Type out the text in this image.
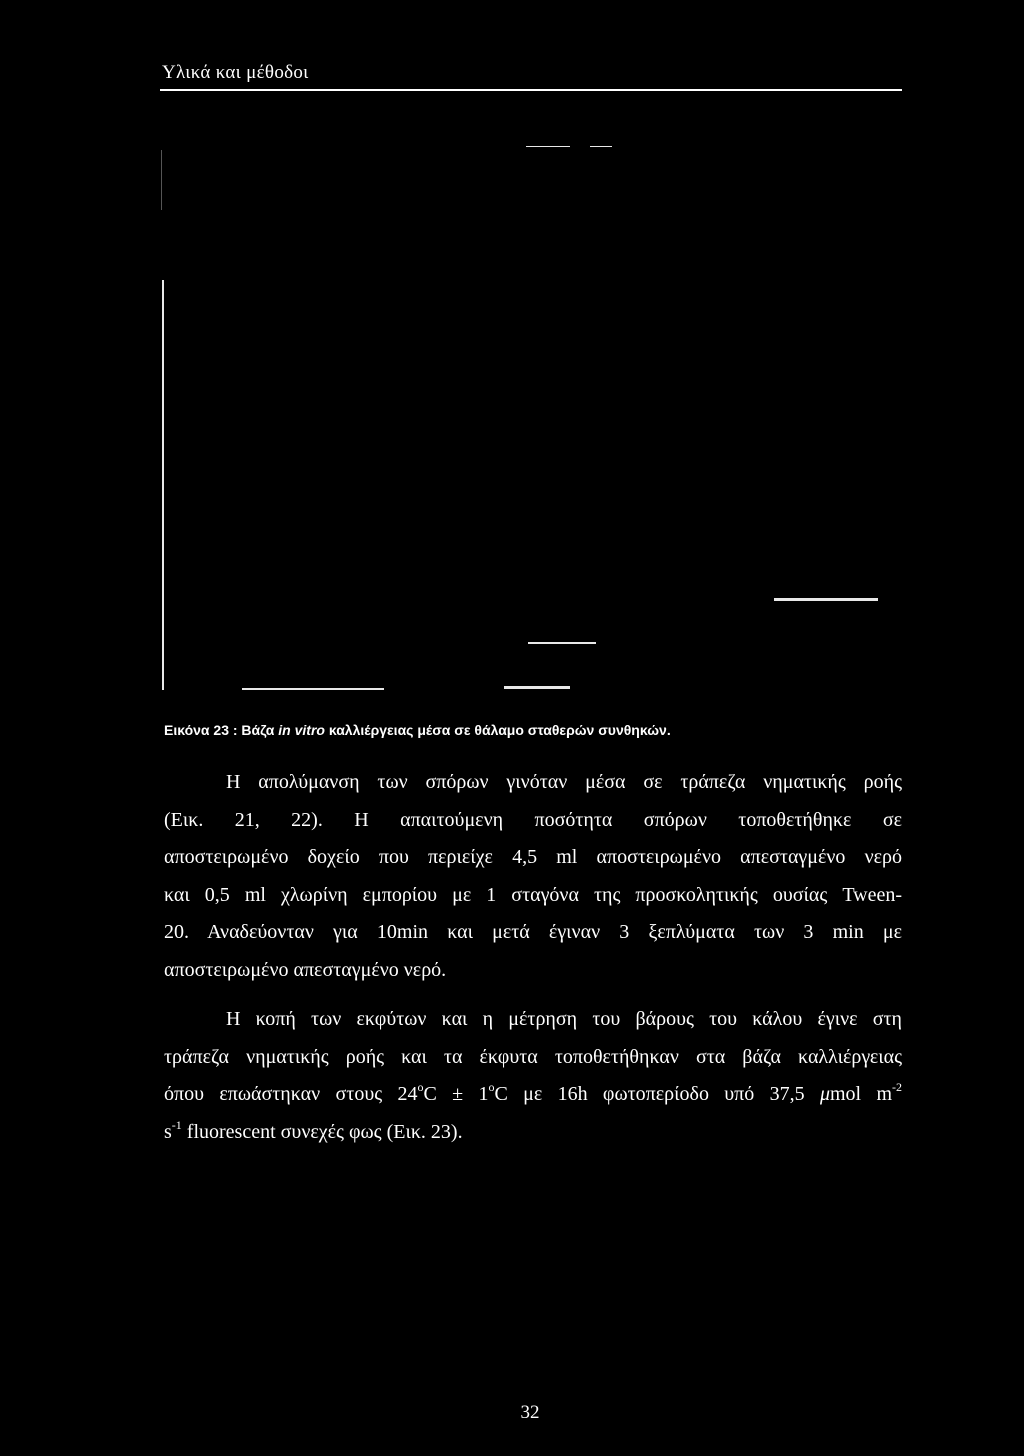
Υλικά και μέθοδοι
Εικόνα 23 : Βάζα in vitro καλλιέργειας μέσα σε θάλαμο σταθερών συνθηκών.
Η απολύμανση των σπόρων γινόταν μέσα σε τράπεζα νηματικής ροής
(Εικ. 21, 22). Η απαιτούμενη ποσότητα σπόρων τοποθετήθηκε σε
αποστειρωμένο δοχείο που περιείχε 4,5 ml αποστειρωμένο απεσταγμένο νερό
και 0,5 ml χλωρίνη εμπορίου με 1 σταγόνα της προσκολητικής ουσίας Tween-
20. Αναδεύονταν για 10min και μετά έγιναν 3 ξεπλύματα των 3 min με
αποστειρωμένο απεσταγμένο νερό.
Η κοπή των εκφύτων και η μέτρηση του βάρους του κάλου έγινε στη
τράπεζα νηματικής ροής και τα έκφυτα τοποθετήθηκαν στα βάζα καλλιέργειας
όπου επωάστηκαν στους $24^oC \pm 1^oC$ με 16h φωτοπερίοδο υπό 37,5 μmol $m^{-2}$
$s^{-1}$ fluorescent συνεχές φως (Εικ. 23).
32
